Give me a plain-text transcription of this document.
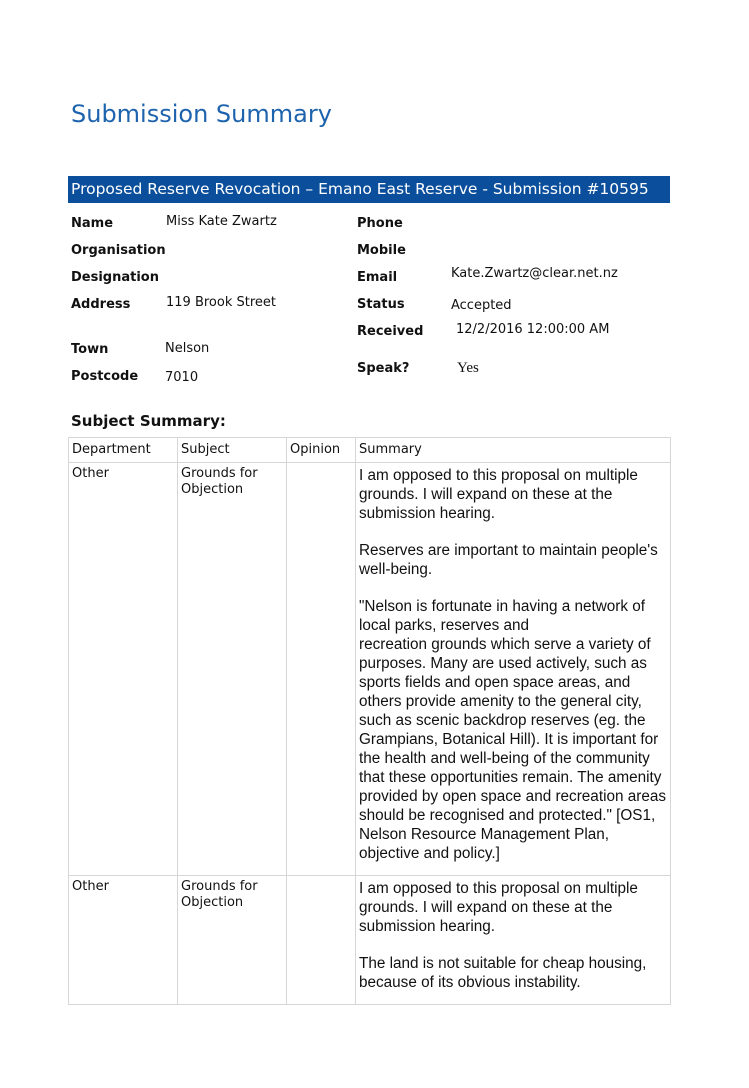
Submission Summary
Proposed Reserve Revocation – Emano East Reserve - Submission #10595
Name	Miss Kate Zwartz
Organisation
Designation
Address	119 Brook Street
Town	Nelson
Postcode 7010
Phone
Mobile
Email	Kate.Zwartz@clear.net.nz
Status	Accepted
Received	12/2/2016 12:00:00 AM
Speak?	Yes
Subject Summary:
Department	Subject	Opinion	Summary
Other	Grounds for Objection		I am opposed to this proposal on multiple grounds. I will expand on these at the submission hearing.

Reserves are important to maintain people's well-being.

"Nelson is fortunate in having a network of local parks, reserves and
recreation grounds which serve a variety of purposes. Many are used actively, such as sports fields and open space areas, and others provide amenity to the general city, such as scenic backdrop reserves (eg. the Grampians, Botanical Hill). It is important for the health and well-being of the community that these opportunities remain. The amenity provided by open space and recreation areas should be recognised and protected." [OS1, Nelson Resource Management Plan, objective and policy.]

Other	Grounds for Objection		I am opposed to this proposal on multiple grounds. I will expand on these at the submission hearing.

The land is not suitable for cheap housing, because of its obvious instability.
